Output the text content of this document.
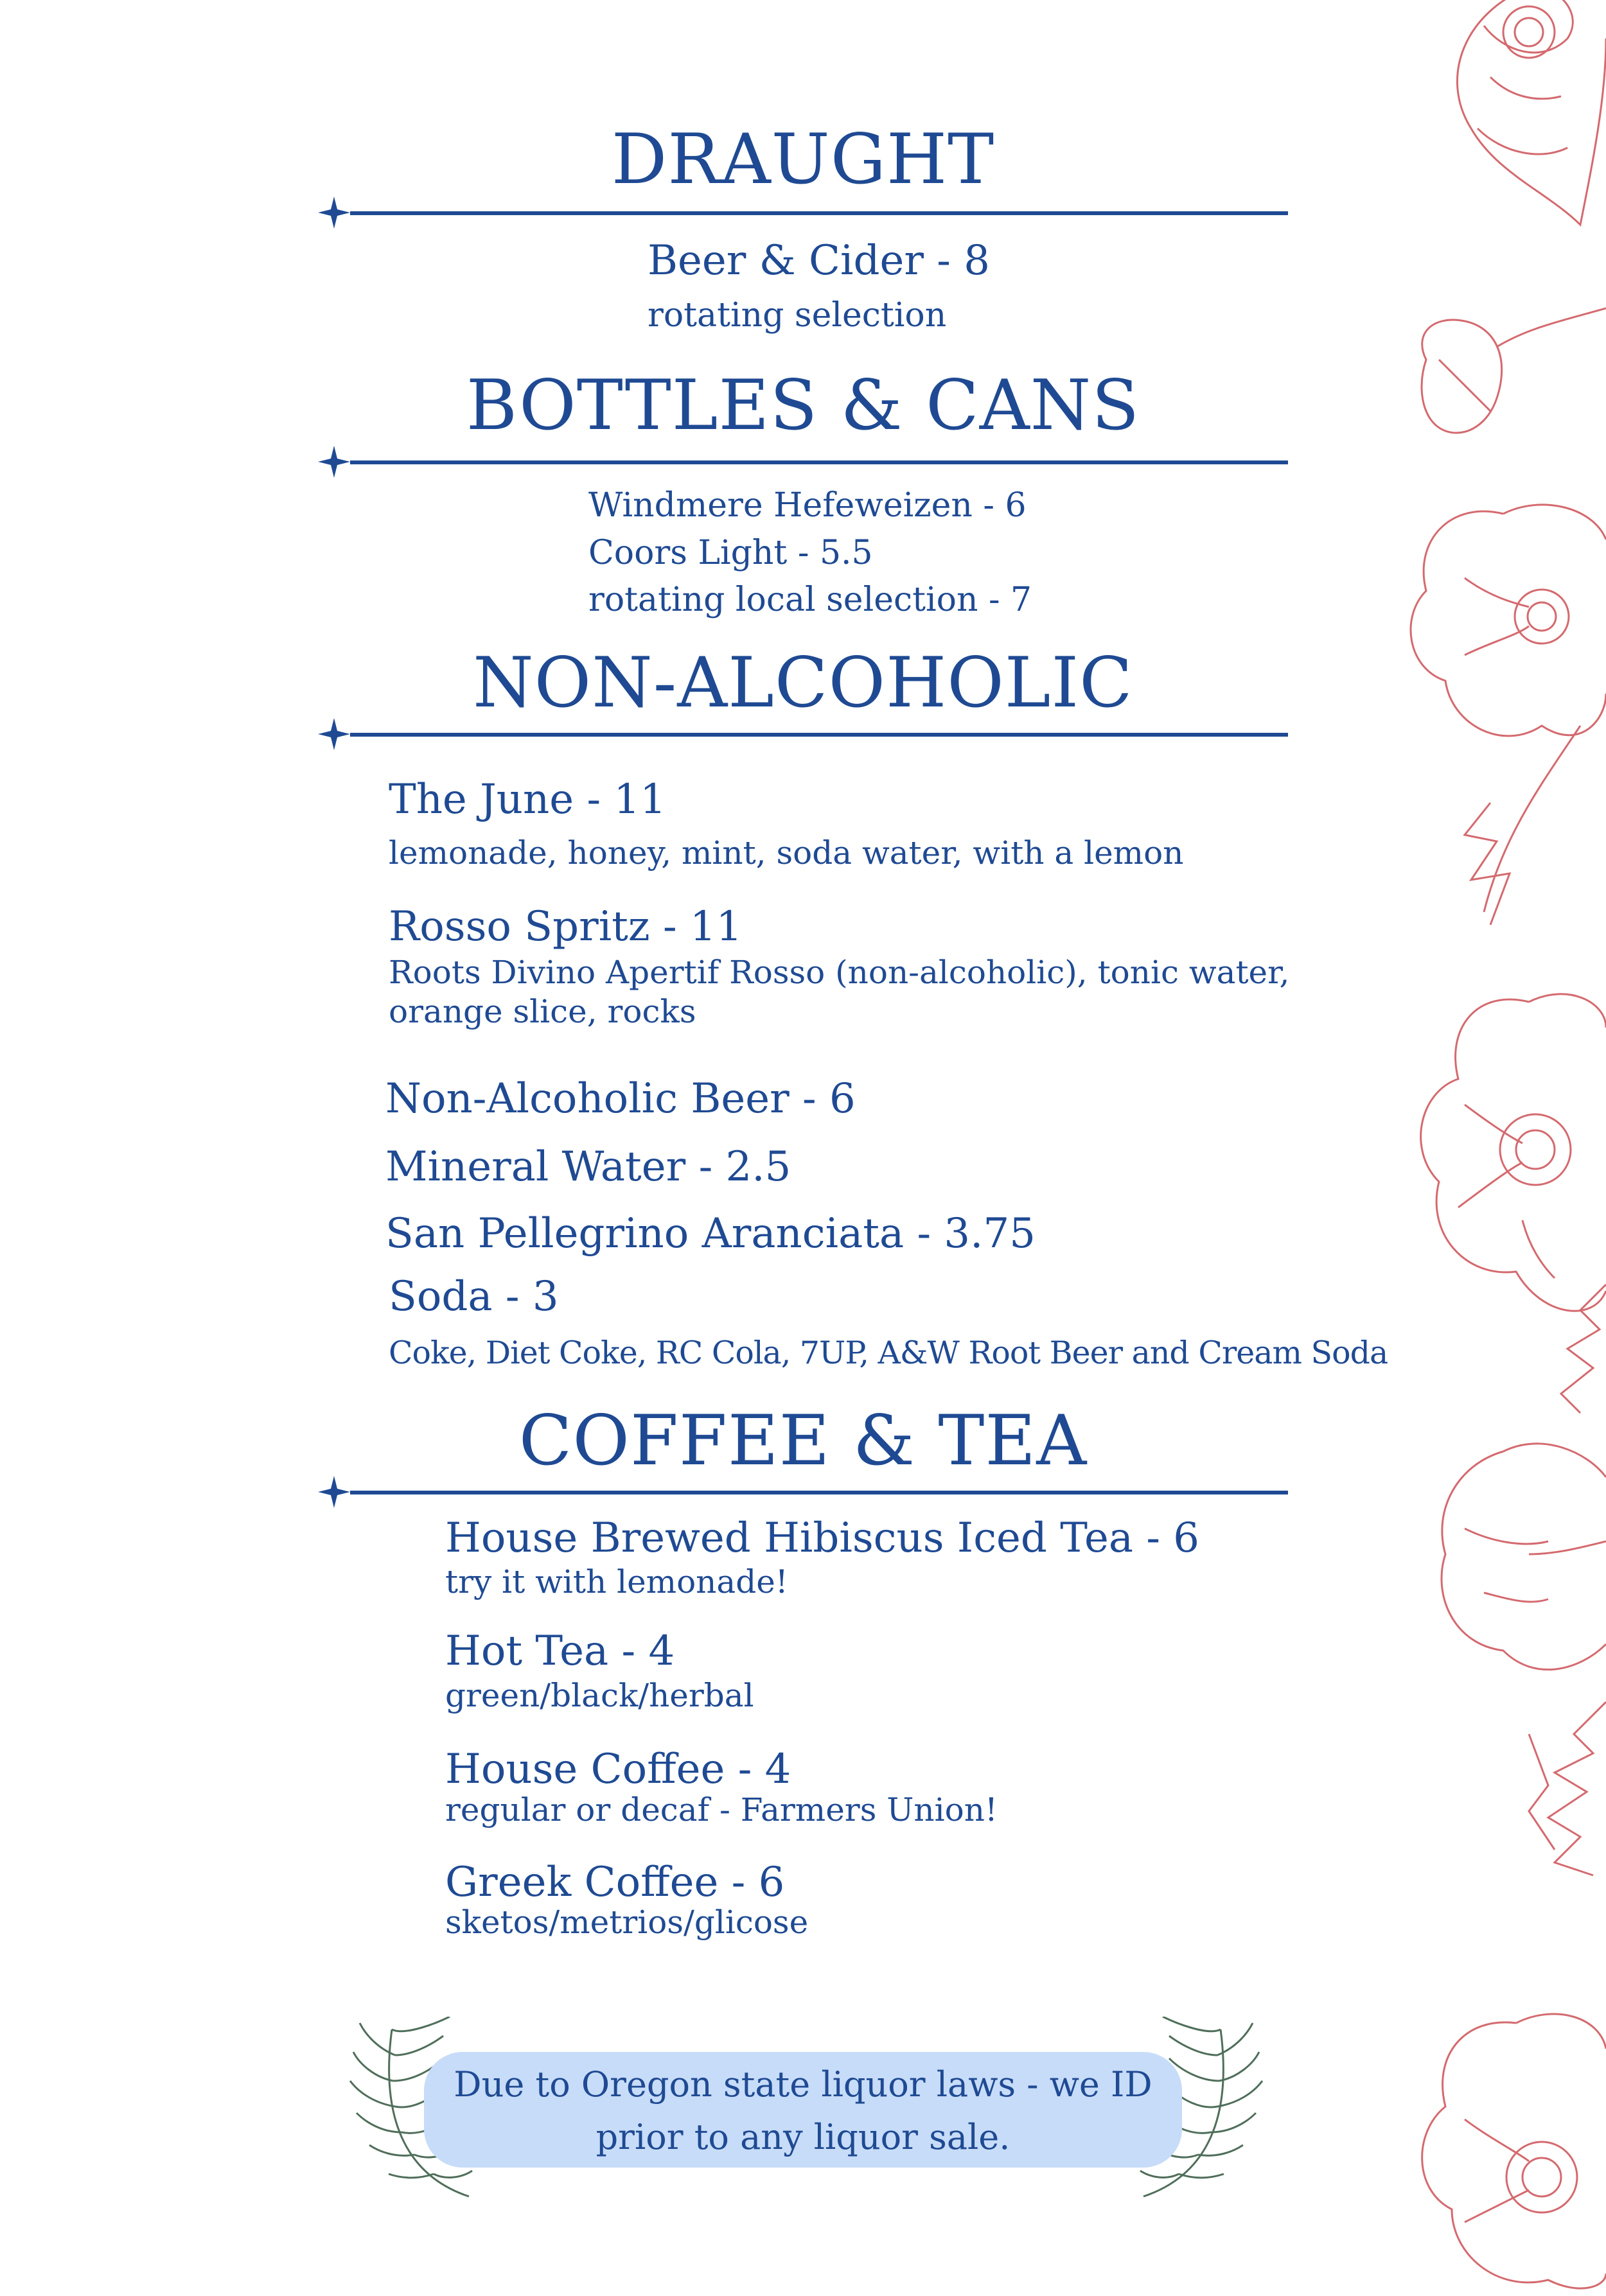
DRAUGHT
Beer & Cider - 8
rotating selection
BOTTLES & CANS
Windmere Hefeweizen - 6
Coors Light - 5.5
rotating local selection - 7
NON-ALCOHOLIC
The June - 11
lemonade, honey, mint, soda water, with a lemon
Rosso Spritz - 11
Roots Divino Apertif Rosso (non-alcoholic), tonic water,
orange slice, rocks
Non-Alcoholic Beer - 6
Mineral Water - 2.5
San Pellegrino Aranciata - 3.75
Soda - 3
Coke, Diet Coke, RC Cola, 7UP, A&W Root Beer and Cream Soda
COFFEE & TEA
House Brewed Hibiscus Iced Tea - 6
try it with lemonade!
Hot Tea - 4
green/black/herbal
House Coffee - 4
regular or decaf - Farmers Union!
Greek Coffee - 6
sketos/metrios/glicose
Due to Oregon state liquor laws - we ID
prior to any liquor sale.
